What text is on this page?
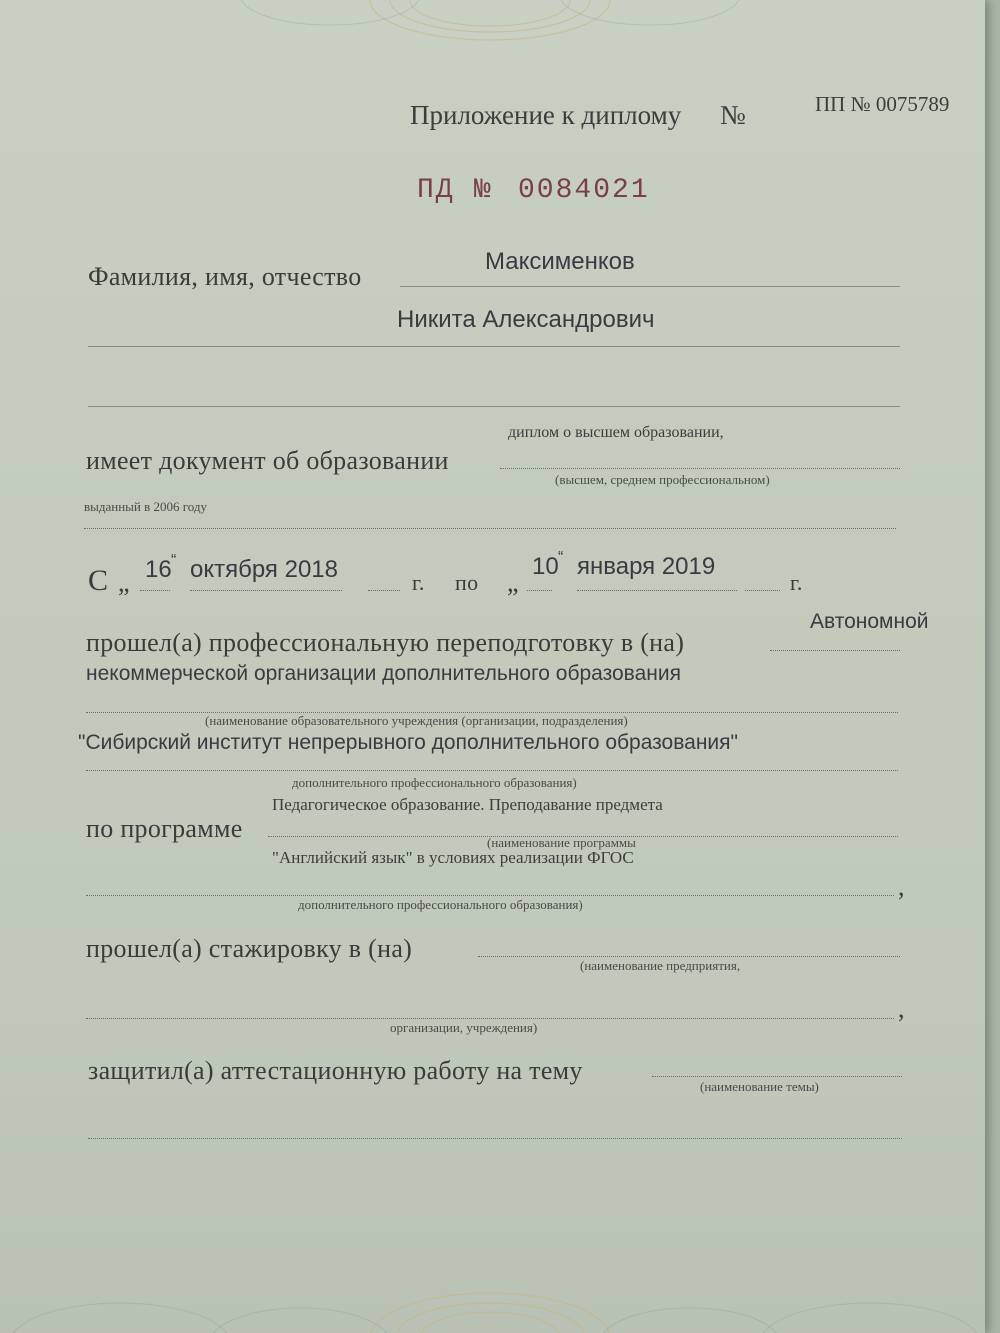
Приложение к диплому №	ПП № 0075789
ПД № 0084021
Фамилия, имя, отчество
Максименков
Никита Александрович
диплом о высшем образовании,
имеет документ об образовании
(высшем, среднем профессиональном)
выданный в 2006 году
С „ 16 “ октября 2018	г. по „
10 “ января 2019
г.
Автономной
прошел(а) профессиональную переподготовку в (на)
некоммерческой организации дополнительного образования
(наименование образовательного учреждения (организации, подразделения)
"Сибирский институт непрерывного дополнительного образования"
дополнительного профессионального образования)
Педагогическое образование. Преподавание предмета
по программе	(наименование программы
"Английский язык" в условиях реализации ФГОС
,
дополнительного профессионального образования)
прошел(а) стажировку в (на)
(наименование предприятия,
,
организации, учреждения)
защитил(а) аттестационную работу на тему
(наименование темы)
